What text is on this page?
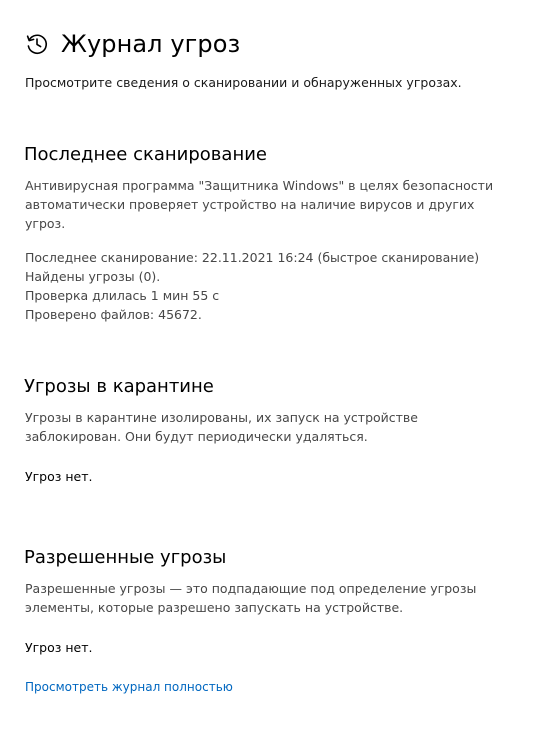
Журнал угроз
Просмотрите сведения о сканировании и обнаруженных угрозах.
Последнее сканирование
Антивирусная программа "Защитника Windows" в целях безопасности
автоматически проверяет устройство на наличие вирусов и других
угроз.
Последнее сканирование: 22.11.2021 16:24 (быстрое сканирование)
Найдены угрозы (0).
Проверка длилась 1 мин 55 с
Проверено файлов: 45672.
Угрозы в карантине
Угрозы в карантине изолированы, их запуск на устройстве
заблокирован. Они будут периодически удаляться.
Угроз нет.
Разрешенные угрозы
Разрешенные угрозы — это подпадающие под определение угрозы
элементы, которые разрешено запускать на устройстве.
Угроз нет.
Просмотреть журнал полностью
